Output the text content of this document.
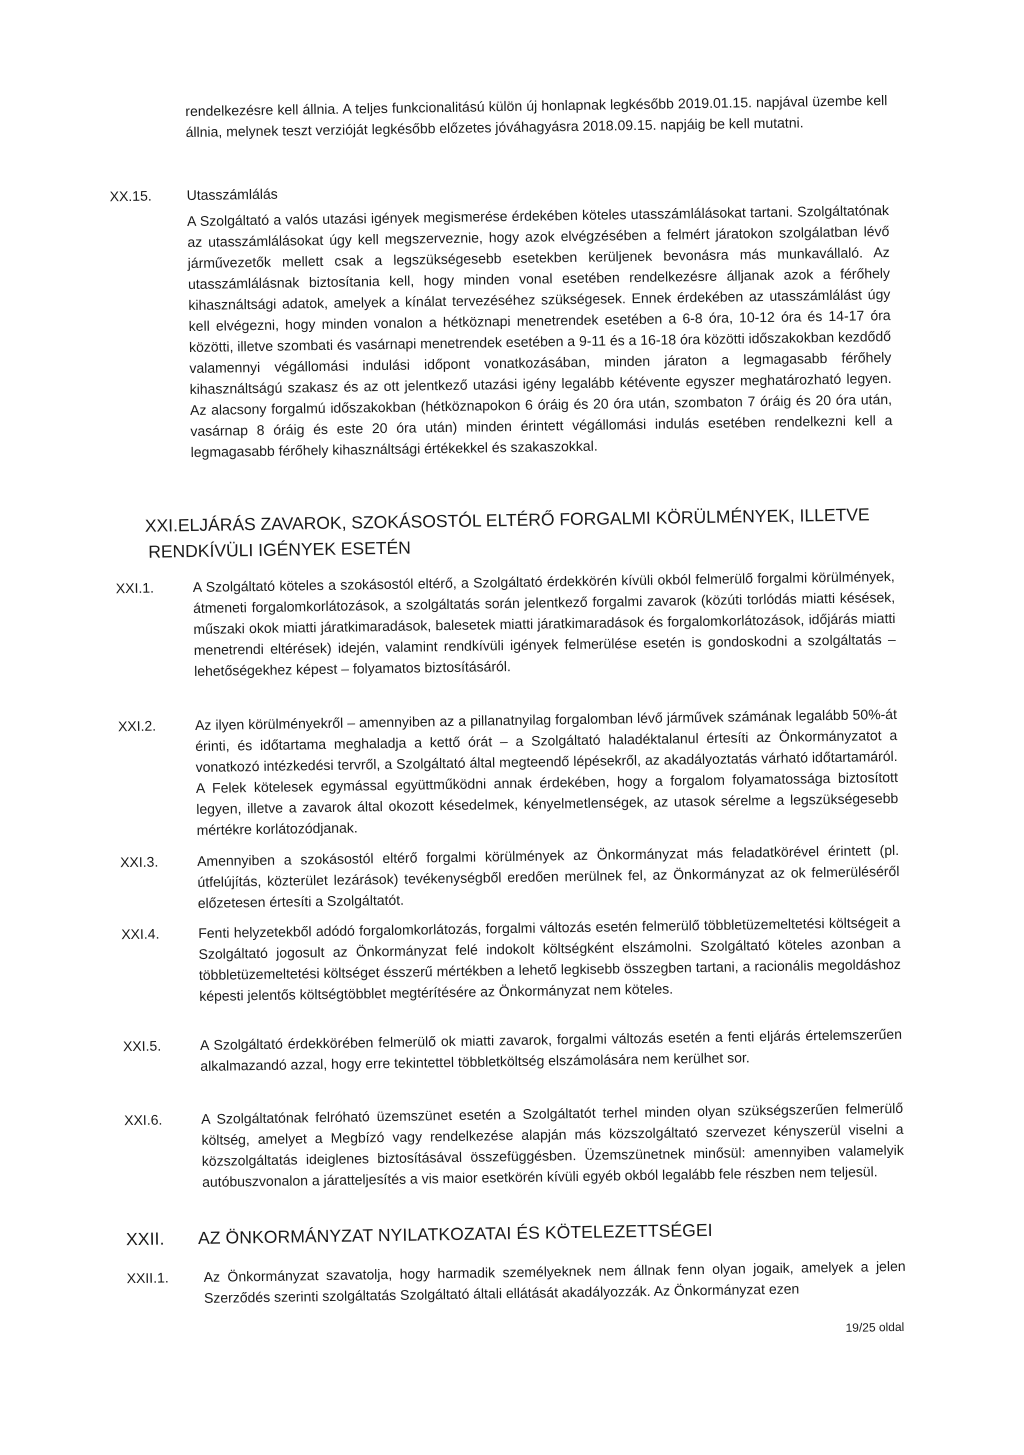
rendelkezésre kell állnia. A teljes funkcionalitású külön új honlapnak legkésőbb 2019.01.15. napjával üzembe kell állnia, melynek teszt verzióját legkésőbb előzetes jóváhagyásra 2018.09.15. napjáig be kell mutatni.

XX.15. Utasszámlálás

A Szolgáltató a valós utazási igények megismerése érdekében köteles utasszámlálásokat tartani. Szolgáltatónak az utasszámlálásokat úgy kell megszerveznie, hogy azok elvégzésében a felmért járatokon szolgálatban lévő járművezetők mellett csak a legszükségesebb esetekben kerüljenek bevonásra más munkavállaló. Az utasszámlálásnak biztosítania kell, hogy minden vonal esetében rendelkezésre álljanak azok a férőhely kihasználtsági adatok, amelyek a kínálat tervezéséhez szükségesek. Ennek érdekében az utasszámlálást úgy kell elvégezni, hogy minden vonalon a hétköznapi menetrendek esetében a 6-8 óra, 10-12 óra és 14-17 óra közötti, illetve szombati és vasárnapi menetrendek esetében a 9-11 és a 16-18 óra közötti időszakokban kezdődő valamennyi végállomási indulási időpont vonatkozásában, minden járaton a legmagasabb férőhely kihasználtságú szakasz és az ott jelentkező utazási igény legalább kétévente egyszer meghatározható legyen. Az alacsony forgalmú időszakokban (hétköznapokon 6 óráig és 20 óra után, szombaton 7 óráig és 20 óra után, vasárnap 8 óráig és este 20 óra után) minden érintett végállomási indulás esetében rendelkezni kell a legmagasabb férőhely kihasználtsági értékekkel és szakaszokkal.

XXI.ELJÁRÁS ZAVAROK, SZOKÁSOSTÓL ELTÉRŐ FORGALMI KÖRÜLMÉNYEK, ILLETVE
RENDKÍVÜLI IGÉNYEK ESETÉN

XXI.1.	A Szolgáltató köteles a szokásostól eltérő, a Szolgáltató érdekkörén kívüli okból felmerülő forgalmi körülmények, átmeneti forgalomkorlátozások, a szolgáltatás során jelentkező forgalmi zavarok (közúti torlódás miatti késések, műszaki okok miatti járatkimaradások, balesetek miatti járatkimaradások és forgalomkorlátozások, időjárás miatti menetrendi eltérések) idején, valamint rendkívüli igények felmerülése esetén is gondoskodni a szolgáltatás – lehetőségekhez képest – folyamatos biztosításáról.

XXI.2.	Az ilyen körülményekről – amennyiben az a pillanatnyilag forgalomban lévő járművek számának legalább 50%-át érinti, és időtartama meghaladja a kettő órát – a Szolgáltató haladéktalanul értesíti az Önkormányzatot a vonatkozó intézkedési tervről, a Szolgáltató által megteendő lépésekről, az akadályoztatás várható időtartamáról. A Felek kötelesek egymással együttműködni annak érdekében, hogy a forgalom folyamatossága biztosított legyen, illetve a zavarok által okozott késedelmek, kényelmetlenségek, az utasok sérelme a legszükségesebb mértékre korlátozódjanak.

XXI.3.	Amennyiben a szokásostól eltérő forgalmi körülmények az Önkormányzat más feladatkörével érintett (pl. útfelújítás, közterület lezárások) tevékenységből eredően merülnek fel, az Önkormányzat az ok felmerüléséről előzetesen értesíti a Szolgáltatót.

XXI.4.	Fenti helyzetekből adódó forgalomkorlátozás, forgalmi változás esetén felmerülő többletüzemeltetési költségeit a Szolgáltató jogosult az Önkormányzat felé indokolt költségként elszámolni. Szolgáltató köteles azonban a többletüzemeltetési költséget ésszerű mértékben a lehető legkisebb összegben tartani, a racionális megoldáshoz képesti jelentős költségtöbblet megtérítésére az Önkormányzat nem köteles.

XXI.5.	A Szolgáltató érdekkörében felmerülő ok miatti zavarok, forgalmi változás esetén a fenti eljárás értelemszerűen alkalmazandó azzal, hogy erre tekintettel többletköltség elszámolására nem kerülhet sor.

XXI.6.	A Szolgáltatónak felróható üzemszünet esetén a Szolgáltatót terhel minden olyan szükségszerűen felmerülő költség, amelyet a Megbízó vagy rendelkezése alapján más közszolgáltató szervezet kényszerül viselni a közszolgáltatás ideiglenes biztosításával összefüggésben. Üzemszünetnek minősül: amennyiben valamelyik autóbuszvonalon a járatteljesítés a vis maior esetkörén kívüli egyéb okból legalább fele részben nem teljesül.

XXII. AZ ÖNKORMÁNYZAT NYILATKOZATAI ÉS KÖTELEZETTSÉGEI

XXII.1. Az Önkormányzat szavatolja, hogy harmadik személyeknek nem állnak fenn olyan jogaik, amelyek a jelen Szerződés szerinti szolgáltatás Szolgáltató általi ellátását akadályozzák. Az Önkormányzat ezen

19/25 oldal
